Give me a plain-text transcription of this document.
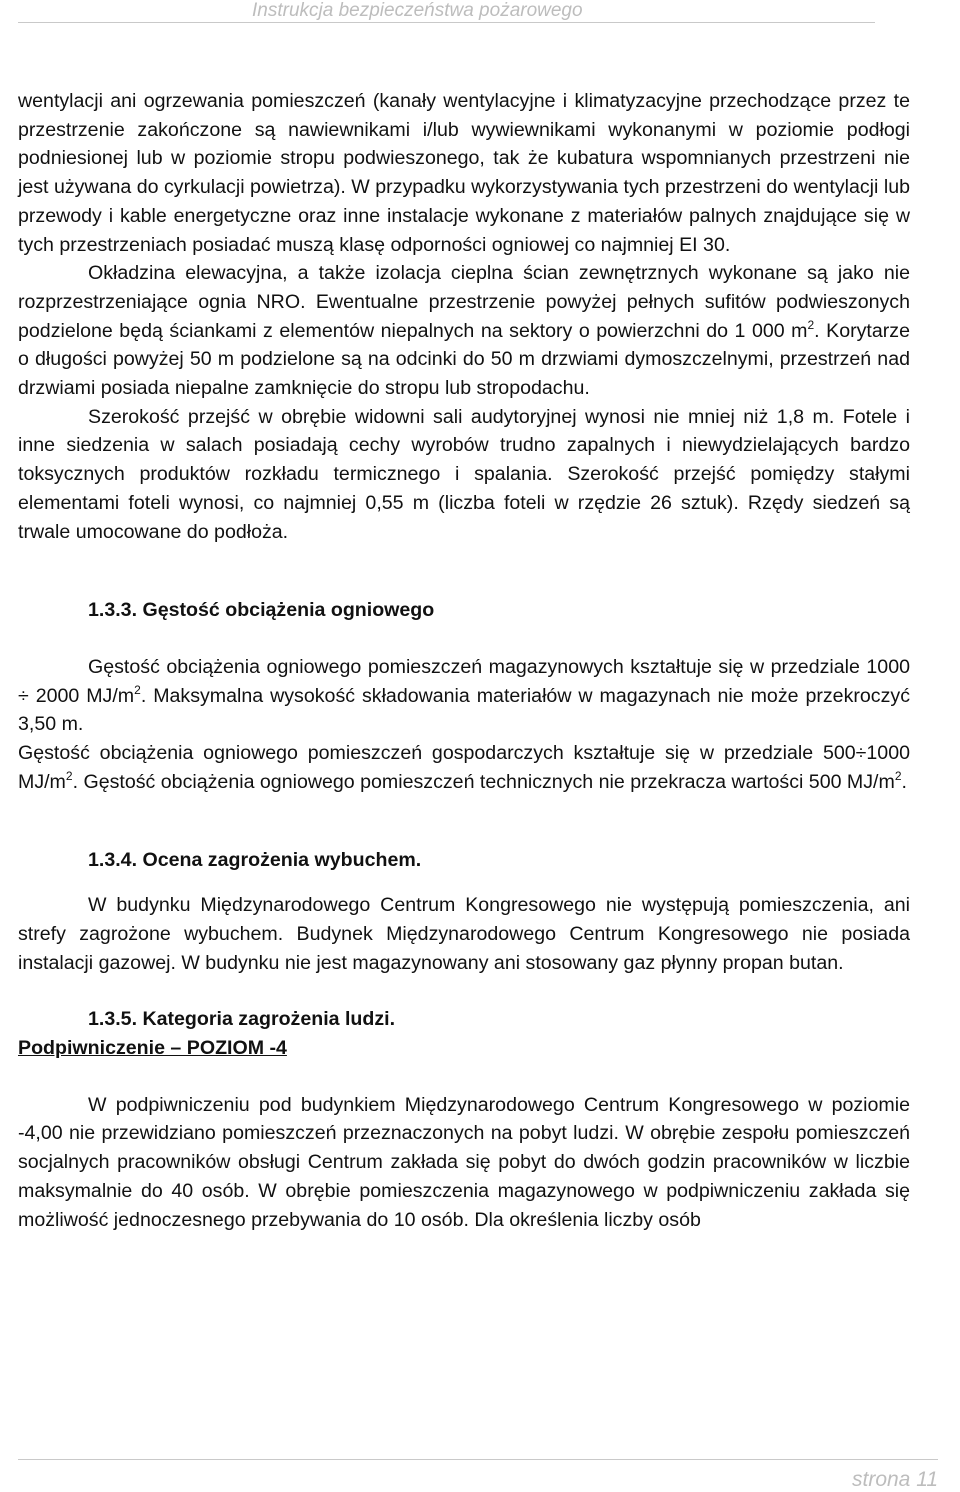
Instrukcja bezpieczeństwa pożarowego

wentylacji ani ogrzewania pomieszczeń (kanały wentylacyjne i klimatyzacyjne przechodzące przez te przestrzenie zakończone są nawiewnikami i/lub wywiewnikami wykonanymi w poziomie podłogi podniesionej lub w poziomie stropu podwieszonego, tak że kubatura wspomnianych przestrzeni nie jest używana do cyrkulacji powietrza). W przypadku wykorzystywania tych przestrzeni do wentylacji lub przewody i kable energetyczne oraz inne instalacje wykonane z materiałów palnych znajdujące się w tych przestrzeniach posiadać muszą klasę odporności ogniowej co najmniej EI 30.

Okładzina elewacyjna, a także izolacja cieplna ścian zewnętrznych wykonane są jako nie rozprzestrzeniające ognia NRO. Ewentualne przestrzenie powyżej pełnych sufitów podwieszonych podzielone będą ściankami z elementów niepalnych na sektory o powierzchni do 1 000 $m^2$. Korytarze o długości powyżej 50 m podzielone są na odcinki do 50 m drzwiami dymoszczelnymi, przestrzeń nad drzwiami posiada niepalne zamknięcie do stropu lub stropodachu.

Szerokość przejść w obrębie widowni sali audytoryjnej wynosi nie mniej niż 1,8 m. Fotele i inne siedzenia w salach posiadają cechy wyrobów trudno zapalnych i niewydzielających bardzo toksycznych produktów rozkładu termicznego i spalania. Szerokość przejść pomiędzy stałymi elementami foteli wynosi, co najmniej 0,55 m (liczba foteli w rzędzie 26 sztuk). Rzędy siedzeń są trwale umocowane do podłoża.

1.3.3. Gęstość obciążenia ogniowego

Gęstość obciążenia ogniowego pomieszczeń magazynowych kształtuje się w przedziale 1000 ÷ 2000 $MJ/m^2$. Maksymalna wysokość składowania materiałów w magazynach nie może przekroczyć 3,50 m.

Gęstość obciążenia ogniowego pomieszczeń gospodarczych kształtuje się w przedziale 500÷1000 $MJ/m^2$. Gęstość obciążenia ogniowego pomieszczeń technicznych nie przekracza wartości 500 $MJ/m^2$.

1.3.4. Ocena zagrożenia wybuchem.

W budynku Międzynarodowego Centrum Kongresowego nie występują pomieszczenia, ani strefy zagrożone wybuchem. Budynek Międzynarodowego Centrum Kongresowego nie posiada instalacji gazowej. W budynku nie jest magazynowany ani stosowany gaz płynny propan butan.

1.3.5. Kategoria zagrożenia ludzi.

Podpiwniczenie – POZIOM -4

W podpiwniczeniu pod budynkiem Międzynarodowego Centrum Kongresowego w poziomie -4,00 nie przewidziano pomieszczeń przeznaczonych na pobyt ludzi. W obrębie zespołu pomieszczeń socjalnych pracowników obsługi Centrum zakłada się pobyt do dwóch godzin pracowników w liczbie maksymalnie do 40 osób. W obrębie pomieszczenia magazynowego w podpiwniczeniu zakłada się możliwość jednoczesnego przebywania do 10 osób. Dla określenia liczby osób

strona 11
